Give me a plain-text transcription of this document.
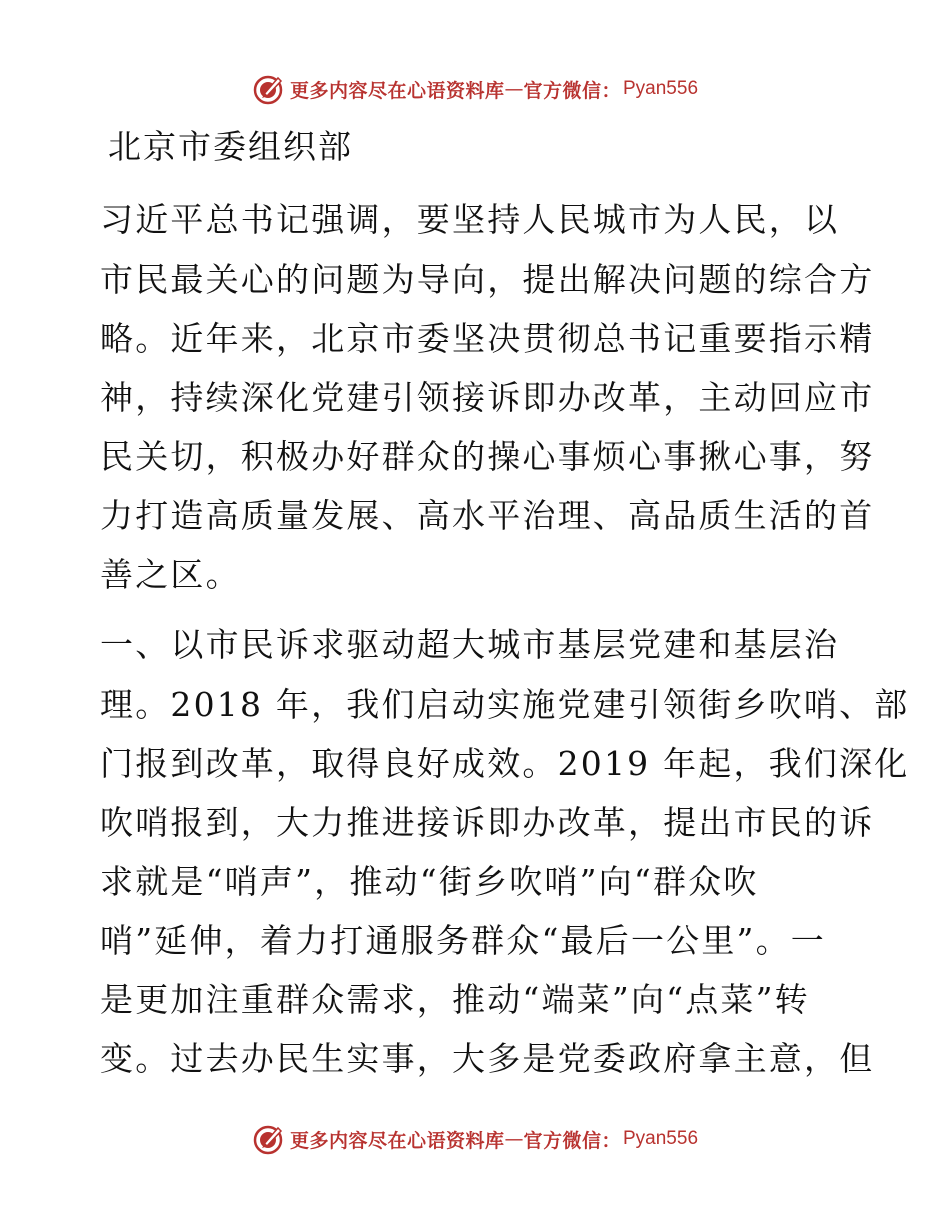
更多内容尽在心语资料库 — 官方微信： Pyan556
北京市委组织部
习近平总书记强调，要坚持人民城市为人民，以
市民最关心的问题为导向，提出解决问题的综合方
略。近年来，北京市委坚决贯彻总书记重要指示精
神，持续深化党建引领接诉即办改革，主动回应市
民关切，积极办好群众的操心事烦心事揪心事，努
力打造高质量发展、高水平治理、高品质生活的首
善之区。
一、以市民诉求驱动超大城市基层党建和基层治
理。2018 年，我们启动实施党建引领街乡吹哨、部
门报到改革，取得良好成效。2019 年起，我们深化
吹哨报到，大力推进接诉即办改革，提出市民的诉
求就是“哨声”，推动“街乡吹哨”向“群众吹
哨”延伸，着力打通服务群众“最后一公里”。一
是更加注重群众需求，推动“端菜”向“点菜”转
变。过去办民生实事，大多是党委政府拿主意，但
更多内容尽在心语资料库 — 官方微信： Pyan556
